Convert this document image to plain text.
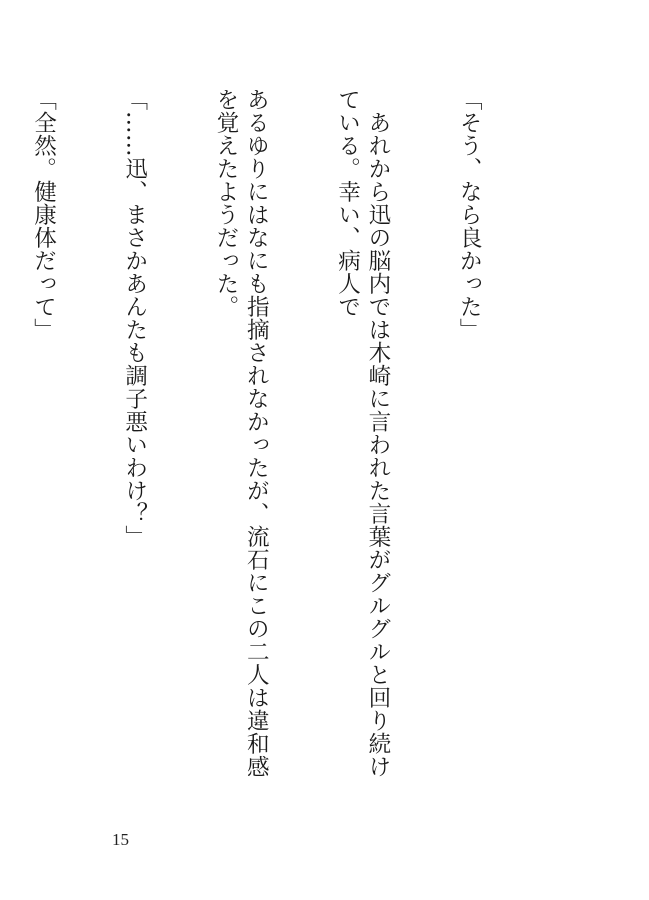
「そう、なら良かった」

　あれから迅の脳内では木崎に言われた言葉がグルグルと回り続けている。幸い、病人で

あるゆりにはなにも指摘されなかったが、流石にこの二人は違和感を覚えたようだった。

「……迅、まさかあんたも調子悪いわけ？」

「全然。健康体だって」

15
